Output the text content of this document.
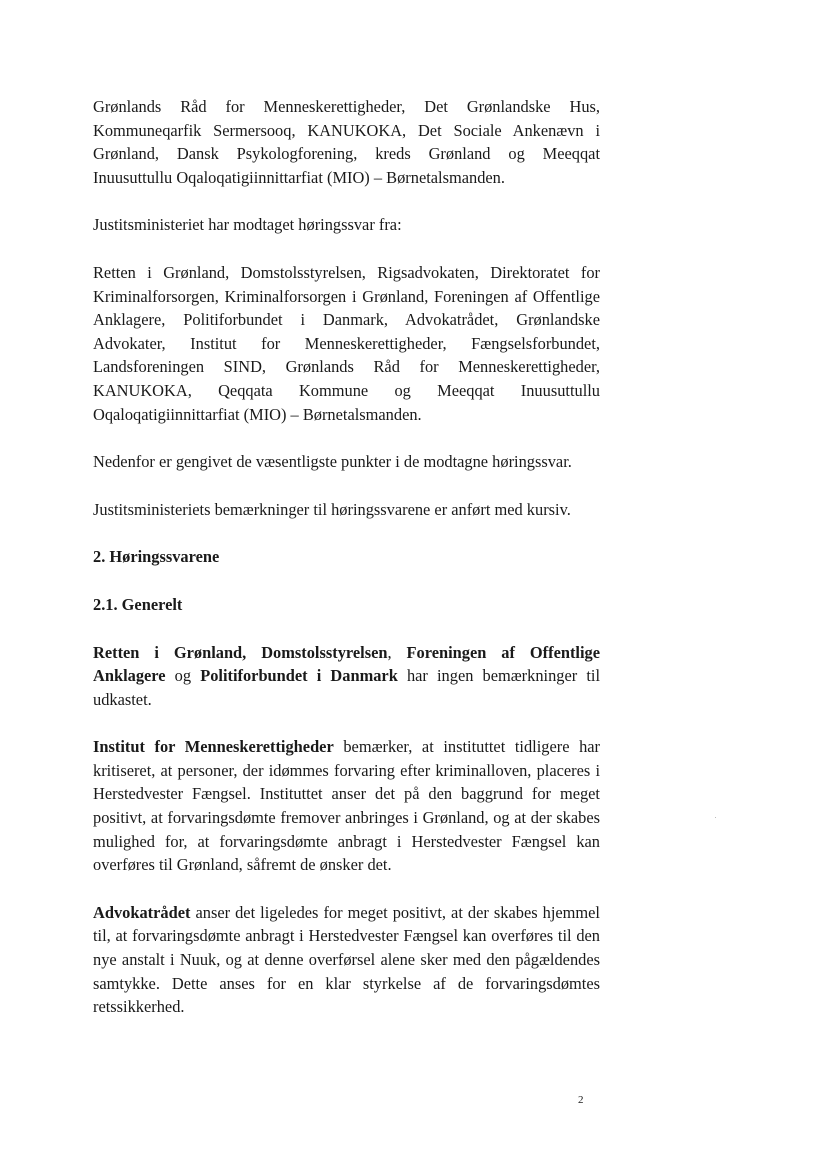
Grønlands Råd for Menneskerettigheder, Det Grønlandske Hus, Kommuneqarfik Sermersooq, KANUKOKA, Det Sociale Ankenævn i Grønland, Dansk Psykologforening, kreds Grønland og Meeqqat Inuusuttullu Oqaloqatigiinnittarfiat (MIO) – Børnetalsmanden.

Justitsministeriet har modtaget høringssvar fra:

Retten i Grønland, Domstolsstyrelsen, Rigsadvokaten, Direktoratet for Kriminalforsorgen, Kriminalforsorgen i Grønland, Foreningen af Offentlige Anklagere, Politiforbundet i Danmark, Advokatrådet, Grønlandske Advokater, Institut for Menneskerettigheder, Fængselsforbundet, Landsforeningen SIND, Grønlands Råd for Menneskerettigheder, KANUKOKA, Qeqqata Kommune og Meeqqat Inuusuttullu Oqaloqatigiinnittarfiat (MIO) – Børnetalsmanden.

Nedenfor er gengivet de væsentligste punkter i de modtagne høringssvar.

Justitsministeriets bemærkninger til høringssvarene er anført med kursiv.

2. Høringssvarene
2.1. Generelt

Retten i Grønland, Domstolsstyrelsen, Foreningen af Offentlige Anklagere og Politiforbundet i Danmark har ingen bemærkninger til udkastet.

Institut for Menneskerettigheder bemærker, at instituttet tidligere har kritiseret, at personer, der idømmes forvaring efter kriminalloven, placeres i Herstedvester Fængsel. Instituttet anser det på den baggrund for meget positivt, at forvaringsdømte fremover anbringes i Grønland, og at der skabes mulighed for, at forvaringsdømte anbragt i Herstedvester Fængsel kan overføres til Grønland, såfremt de ønsker det.

Advokatrådet anser det ligeledes for meget positivt, at der skabes hjemmel til, at forvaringsdømte anbragt i Herstedvester Fængsel kan overføres til den nye anstalt i Nuuk, og at denne overførsel alene sker med den pågældendes samtykke. Dette anses for en klar styrkelse af de forvaringsdømtes retssikkerhed.

2
